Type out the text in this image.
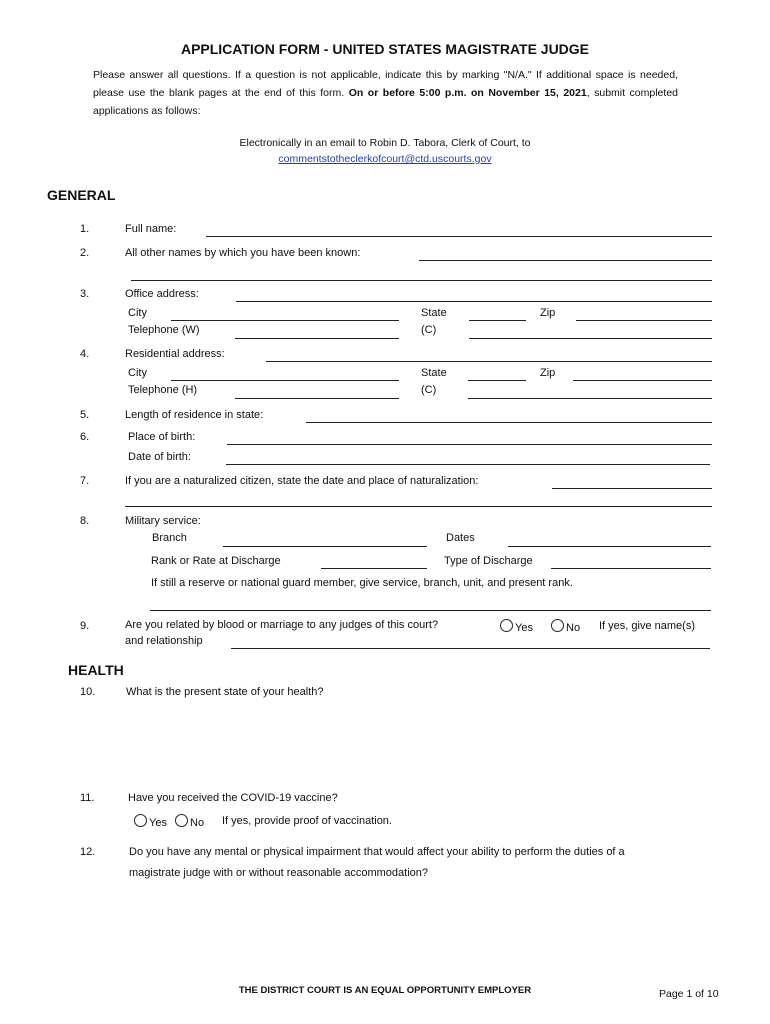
APPLICATION FORM - UNITED STATES MAGISTRATE JUDGE
Please answer all questions. If a question is not applicable, indicate this by marking "N/A." If additional space is needed, please use the blank pages at the end of this form. On or before 5:00 p.m. on November 15, 2021, submit completed applications as follows:
Electronically in an email to Robin D. Tabora, Clerk of Court, to
commentstotheclerkofcourt@ctd.uscourts.gov
GENERAL
1.	Full name:
2.	All other names by which you have been known:
3.	Office address:
City	State	Zip
Telephone (W)	(C)
4.	Residential address:
City	State	Zip
Telephone (H)	(C)
5.	Length of residence in state:
6.	Place of birth:
Date of birth:
7.	If you are a naturalized citizen, state the date and place of naturalization:
8.	Military service:
Branch	Dates
Rank or Rate at Discharge	Type of Discharge
If still a reserve or national guard member, give service, branch, unit, and present rank.
9.	Are you related by blood or marriage to any judges of this court?	Yes	No If yes, give name(s)
and relationship
HEALTH
10.	What is the present state of your health?
11.	Have you received the COVID-19 vaccine?
Yes	No If yes, provide proof of vaccination.
12.	Do you have any mental or physical impairment that would affect your ability to perform the duties of a
magistrate judge with or without reasonable accommodation?
THE DISTRICT COURT IS AN EQUAL OPPORTUNITY EMPLOYER	Page 1 of 10
